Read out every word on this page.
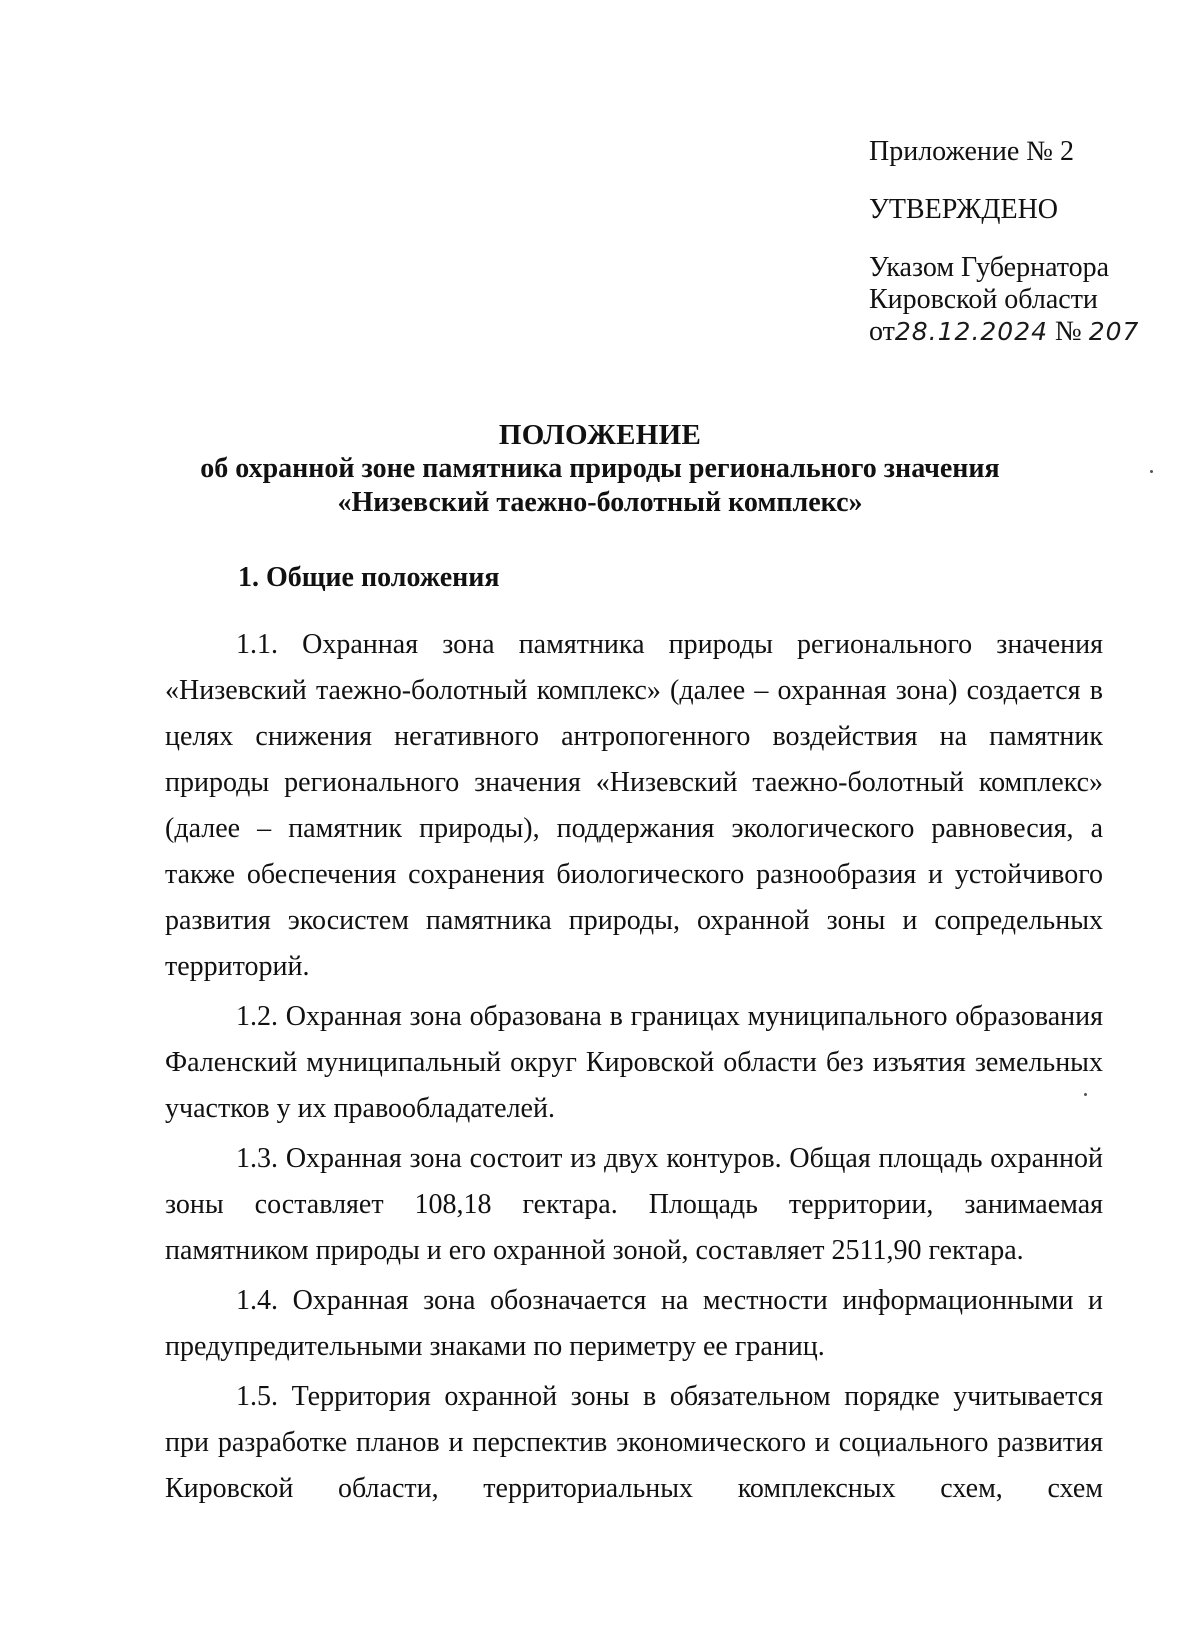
Приложение № 2
УТВЕРЖДЕНО
Указом Губернатора
Кировской области
от28.12.2024 № 207
ПОЛОЖЕНИЕ
об охранной зоне памятника природы регионального значения
«Низевский таежно-болотный комплекс»
1. Общие положения

1.1. Охранная зона памятника природы регионального значения «Низевский таежно-болотный комплекс» (далее – охранная зона) создается в целях снижения негативного антропогенного воздействия на памятник природы регионального значения «Низевский таежно-болотный комплекс» (далее – памятник природы), поддержания экологического равновесия, а также обеспечения сохранения биологического разнообразия и устойчивого развития экосистем памятника природы, охранной зоны и сопредельных территорий.

1.2. Охранная зона образована в границах муниципального образования Фаленский муниципальный округ Кировской области без изъятия земельных участков у их правообладателей.

1.3. Охранная зона состоит из двух контуров. Общая площадь охранной зоны составляет 108,18 гектара. Площадь территории, занимаемая памятником природы и его охранной зоной, составляет 2511,90 гектара.

1.4. Охранная зона обозначается на местности информационными и предупредительными знаками по периметру ее границ.

1.5. Территория охранной зоны в обязательном порядке учитывается при разработке планов и перспектив экономического и социального развития Кировской области, территориальных комплексных схем, схем
